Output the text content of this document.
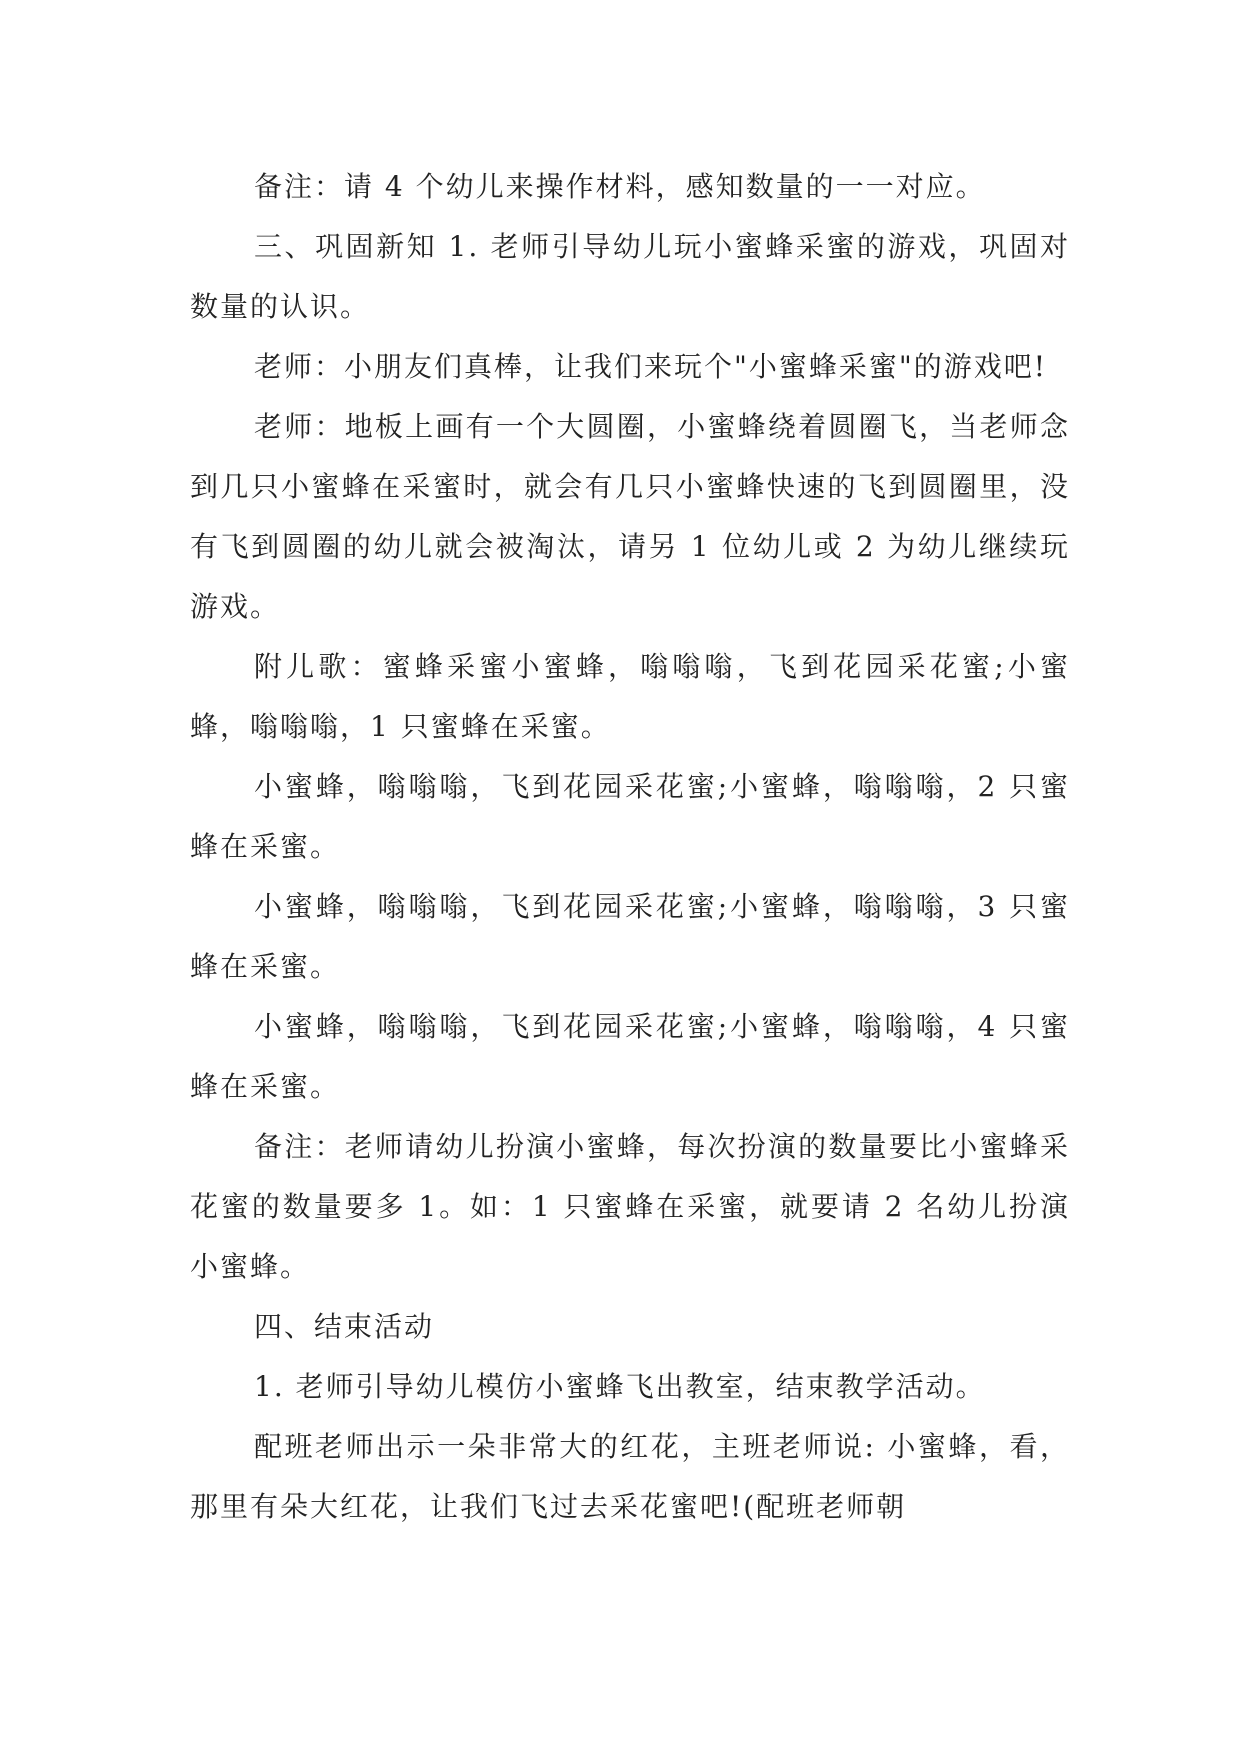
备注：请 4 个幼儿来操作材料，感知数量的一一对应。

三、巩固新知 1. 老师引导幼儿玩小蜜蜂采蜜的游戏，巩固对数量的认识。

老师：小朋友们真棒，让我们来玩个"小蜜蜂采蜜"的游戏吧!

老师：地板上画有一个大圆圈，小蜜蜂绕着圆圈飞，当老师念到几只小蜜蜂在采蜜时，就会有几只小蜜蜂快速的飞到圆圈里，没有飞到圆圈的幼儿就会被淘汰，请另 1 位幼儿或 2 为幼儿继续玩游戏。

附儿歌：蜜蜂采蜜小蜜蜂，嗡嗡嗡，飞到花园采花蜜;小蜜蜂，嗡嗡嗡，1 只蜜蜂在采蜜。

小蜜蜂，嗡嗡嗡，飞到花园采花蜜;小蜜蜂，嗡嗡嗡，2 只蜜蜂在采蜜。

小蜜蜂，嗡嗡嗡，飞到花园采花蜜;小蜜蜂，嗡嗡嗡，3 只蜜蜂在采蜜。

小蜜蜂，嗡嗡嗡，飞到花园采花蜜;小蜜蜂，嗡嗡嗡，4 只蜜蜂在采蜜。

备注：老师请幼儿扮演小蜜蜂，每次扮演的数量要比小蜜蜂采花蜜的数量要多 1。如：1 只蜜蜂在采蜜，就要请 2 名幼儿扮演小蜜蜂。

四、结束活动

1. 老师引导幼儿模仿小蜜蜂飞出教室，结束教学活动。

配班老师出示一朵非常大的红花，主班老师说: 小蜜蜂，看，那里有朵大红花，让我们飞过去采花蜜吧!(配班老师朝
